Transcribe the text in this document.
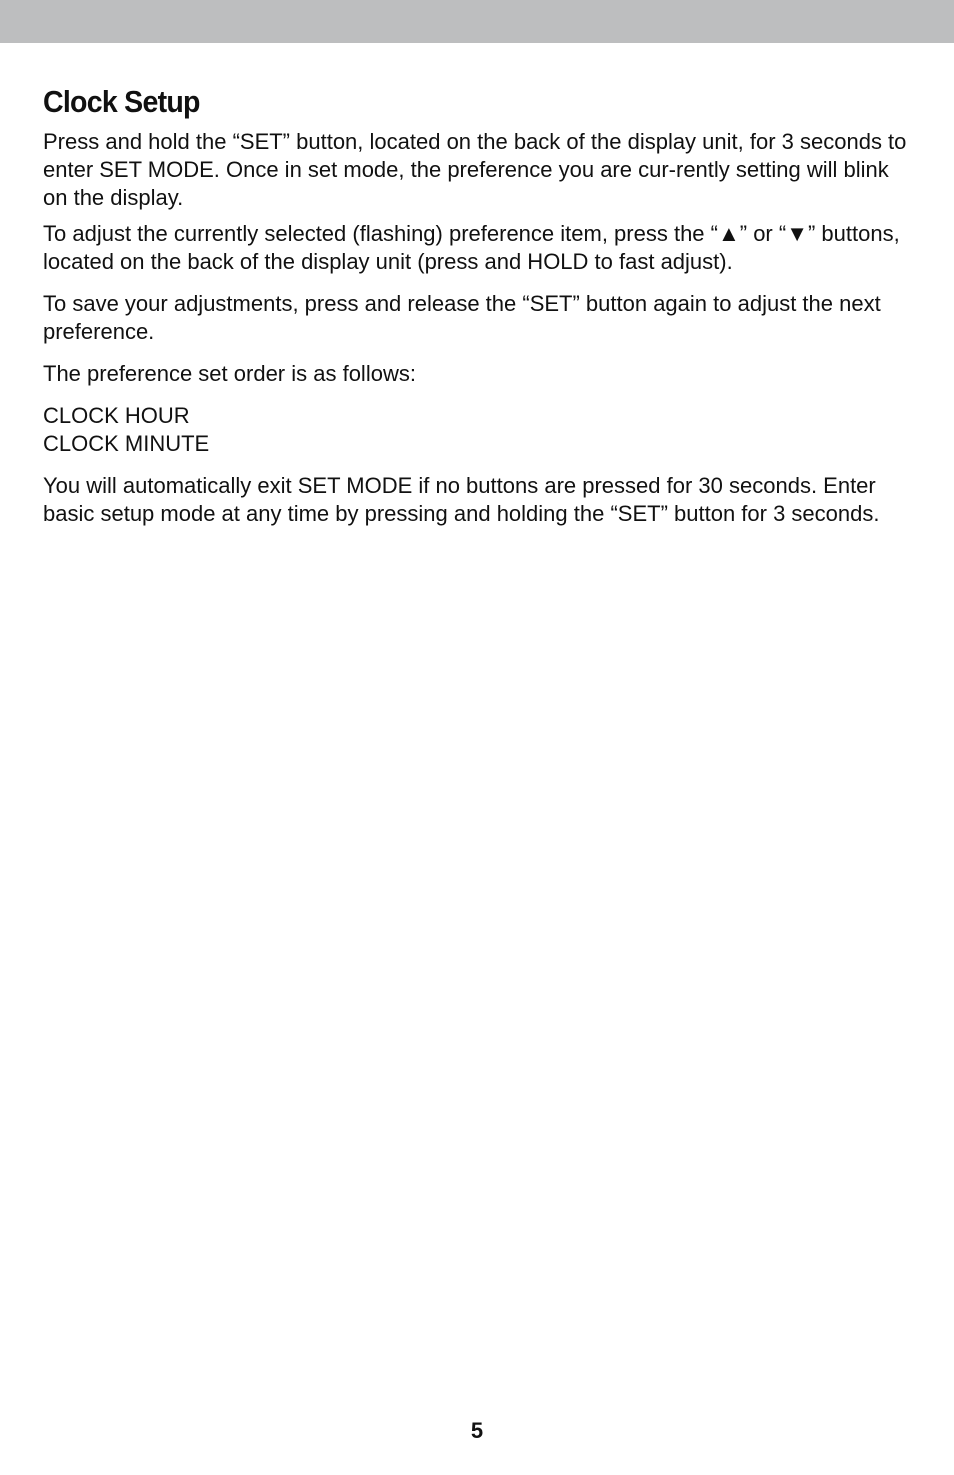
Clock Setup

Press and hold the “SET” button, located on the back of the display unit, for 3 seconds to enter SET MODE. Once in set mode, the preference you are cur-rently setting will blink on the display.

To adjust the currently selected (flashing) preference item, press the “▲” or “▼” buttons, located on the back of the display unit (press and HOLD to fast adjust).

To save your adjustments, press and release the “SET” button again to adjust the next preference.

The preference set order is as follows:

CLOCK HOUR

CLOCK MINUTE

You will automatically exit SET MODE if no buttons are pressed for 30 seconds. Enter basic setup mode at any time by pressing and holding the “SET” button for 3 seconds.

5
